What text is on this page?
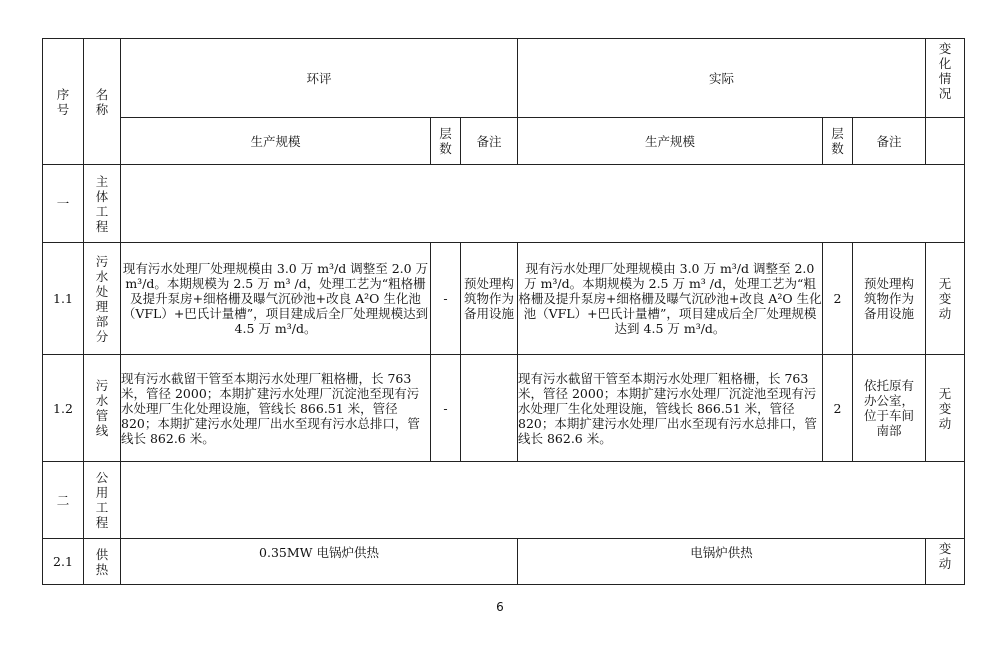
序号	名称	环评			实际			变化情况
		生产规模	层数	备注	生产规模	层数	备注	
一	主体工程							
1.1	污水处理部分	现有污水处理厂处理规模由 3.0 万 m³/d 调整至 2.0 万 m³/d。本期规模为 2.5 万 m³ /d，处理工艺为“粗格栅及提升泵房+细格栅及曝气沉砂池+改良 A²O 生化池（VFL）+巴氏计量槽”，项目建成后全厂处理规模达到 4.5 万 m³/d。	-	预处理构筑物作为备用设施	现有污水处理厂处理规模由 3.0 万 m³/d 调整至 2.0 万 m³/d。本期规模为 2.5 万 m³ /d，处理工艺为“粗格栅及提升泵房+细格栅及曝气沉砂池+改良 A²O 生化池（VFL）+巴氏计量槽”，项目建成后全厂处理规模达到 4.5 万 m³/d。	2	预处理构筑物作为备用设施	无变动
1.2	污水管线	现有污水截留干管至本期污水处理厂粗格栅，长 763 米，管径 2000；本期扩建污水处理厂沉淀池至现有污水处理厂生化处理设施，管线长 866.51 米，管径 820；本期扩建污水处理厂出水至现有污水总排口，管线长 862.6 米。	-		现有污水截留干管至本期污水处理厂粗格栅，长 763 米，管径 2000；本期扩建污水处理厂沉淀池至现有污水处理厂生化处理设施，管线长 866.51 米，管径 820；本期扩建污水处理厂出水至现有污水总排口，管线长 862.6 米。	2	依托原有办公室，位于车间南部	无变动
二	公用工程							
2.1	供热	0.35MW 电锅炉供热			电锅炉供热			变动
6
